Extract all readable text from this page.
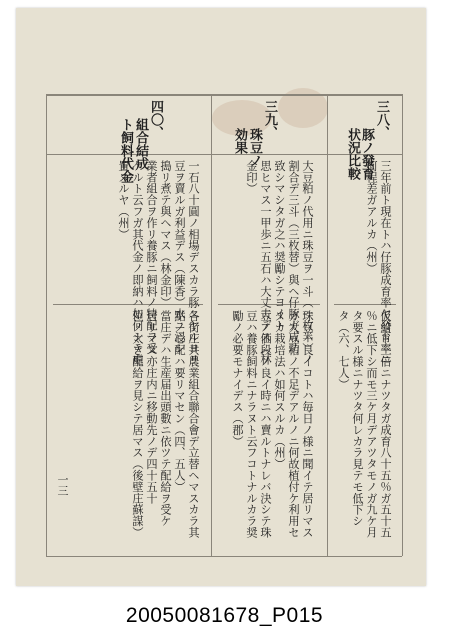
三八、
豚ノ發育
状況比較
三九、
珠豆ノ
効果
四〇、
組合結成
ト飼料代金
三年前ト現在トハ仔豚成育率ヤ發育率ニ
何程差ガアルカ（州）
仮給ト三倍ニナツタガ成育八十五％ガ五十五
％ニ低下シ而モ三ケ月デアツタモノガ九ケ月
タ要スル様ニナツタ何レカラ見テモ低下シ
タ（六、七人）
大豆粕ノ代用ニ珠豆ヲ一斗（一枚半）ノ
割合デ三斗（三枚替）與ヘ仔豚ガ成功
致シマシタガ之ハ奨勵シテヨイト
思ヒマス一甲歩ニ五石ハ大丈夫デス（林
金印）
珠豆ハ良イコトハ毎日ノ様ニ聞イテ居リマス
ガ大豆粕ノ不足デアルノニ何故植付ケ利用セ
ヌカ栽培法ハ如何スルカ（州）
豆ノ価段ノ良イ時ニハ賣ルトナレバ決シテ珠
豆ハ養豚飼料ニナラヌト云フコトナルカラ奨
勵ノ必要モナイデス（郡）
一石八十圓ノ相場デスカラ豚ニヤルヨリ
豆ヲ賣ルガ利益デス（陳香）水ニ浸シ
搗リ煮テ與ヘマス（林金印）
業者組合ヲ作リ養豚ニ飼料ノ特配ヲ受
ケルト云フガ其代金ノ即納ハ如何シテ處
置スルヤ（州）
各街庄共農業組合聯合會デ立替ヘマスカラ其
點ノ心配ハ要リマセン（四、五人）
當庄デハ生産届出頭數ニ依ツテ配給ヲ受ケ
居リマス亦庄内ニ移動先ノデ四十五十
位ノ太き配給ヲ見シテ居マス（後壁庄蘇謀）
一三
20050081678_P015
